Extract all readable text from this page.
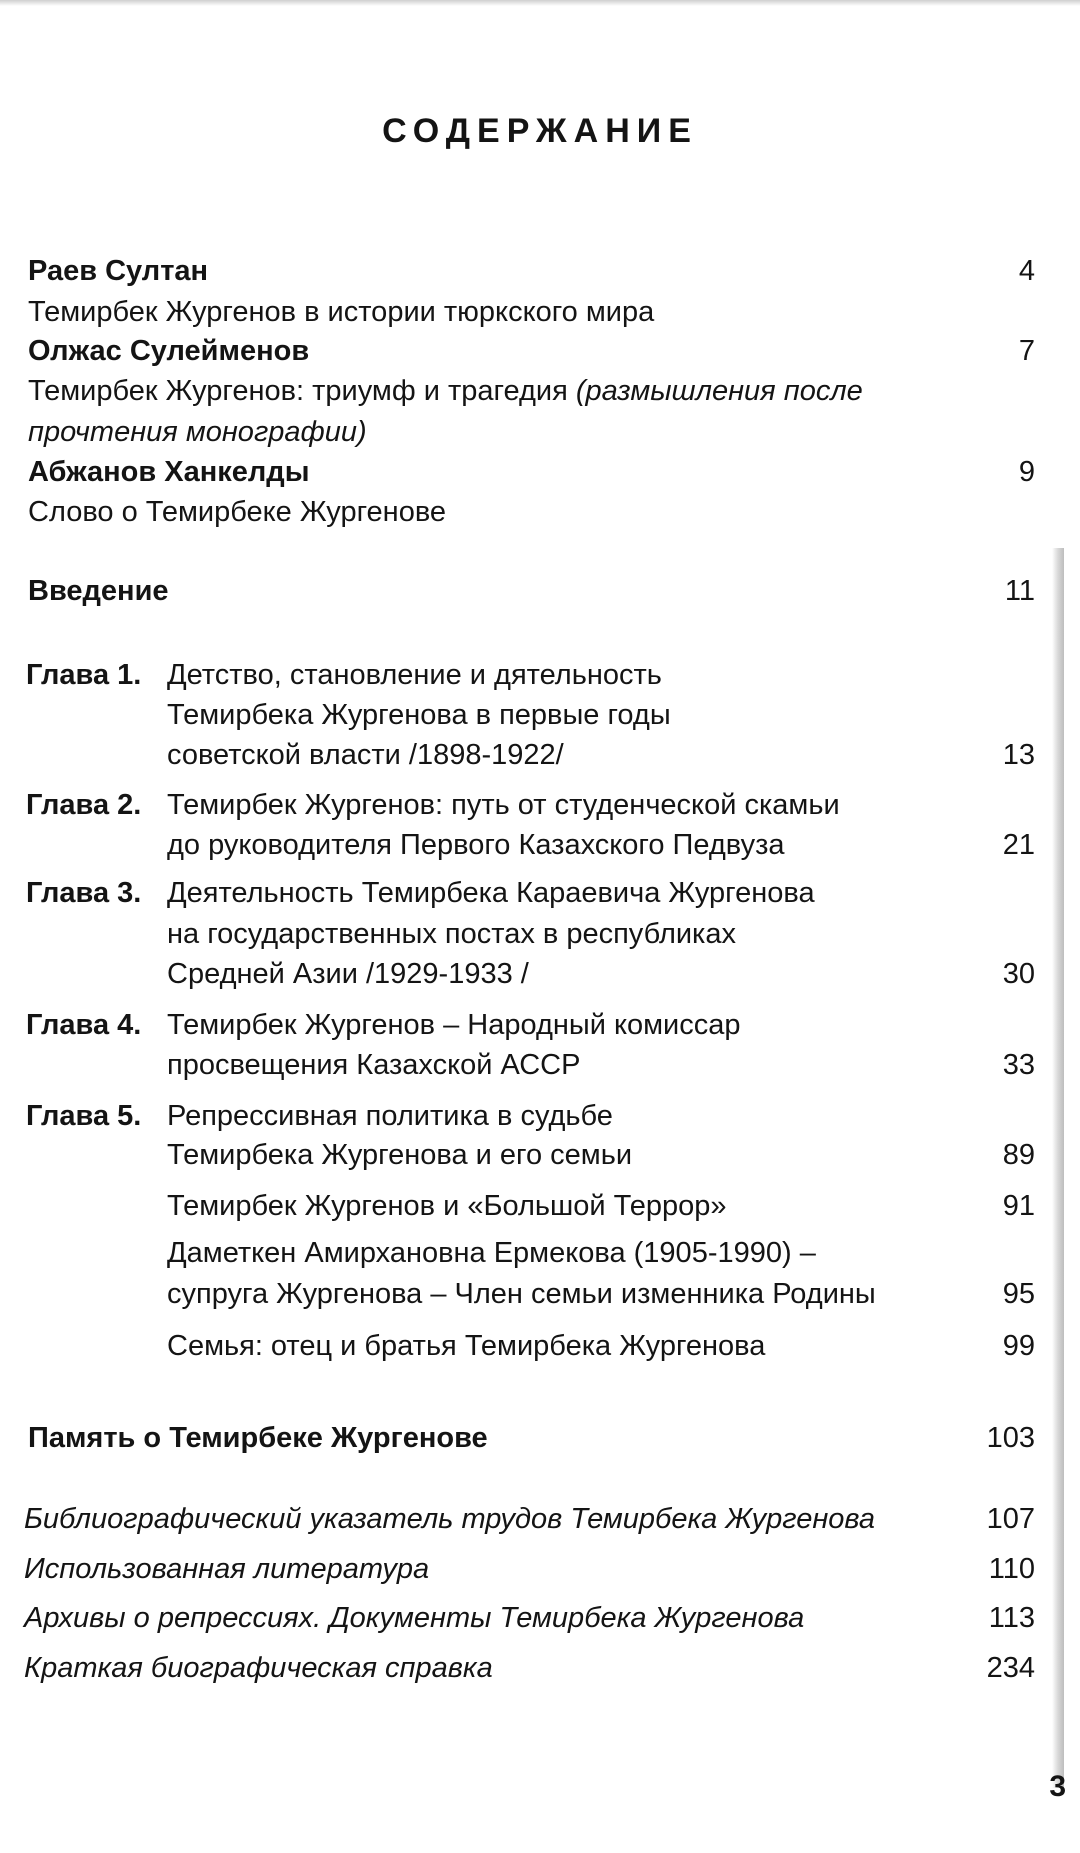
СОДЕРЖАНИЕ
Раев Султан	4
Темирбек Жургенов в истории тюркского мира
Олжас Сулейменов	7
Темирбек Жургенов: триумф и трагедия (размышления после
прочтения монографии)
Абжанов Ханкелды	9
Слово о Темирбеке Жургенове
Введение	11
Глава 1. Детство, становление и дятельность
Темирбека Жургенова в первые годы
советской власти /1898-1922/	13
Глава 2. Темирбек Жургенов: путь от студенческой скамьи
до руководителя Первого Казахского Педвуза	21
Глава 3. Деятельность Темирбека Караевича Жургенова
на государственных постах в республиках
Средней Азии /1929-1933 /	30
Глава 4. Темирбек Жургенов – Народный комиссар
просвещения Казахской АССР	33
Глава 5. Репрессивная политика в судьбе
Темирбека Жургенова и его семьи	89
Темирбек Жургенов и «Большой Террор»	91
Даметкен Амирхановна Ермекова (1905-1990) –
супруга Жургенова – Член семьи изменника Родины	95
Семья: отец и братья Темирбека Жургенова	99
Память о Темирбеке Жургенове	103
Библиографический указатель трудов Темирбека Жургенова	107
Использованная литература	110
Архивы о репрессиях. Документы Темирбека Жургенова	113
Краткая биографическая справка	234
3
